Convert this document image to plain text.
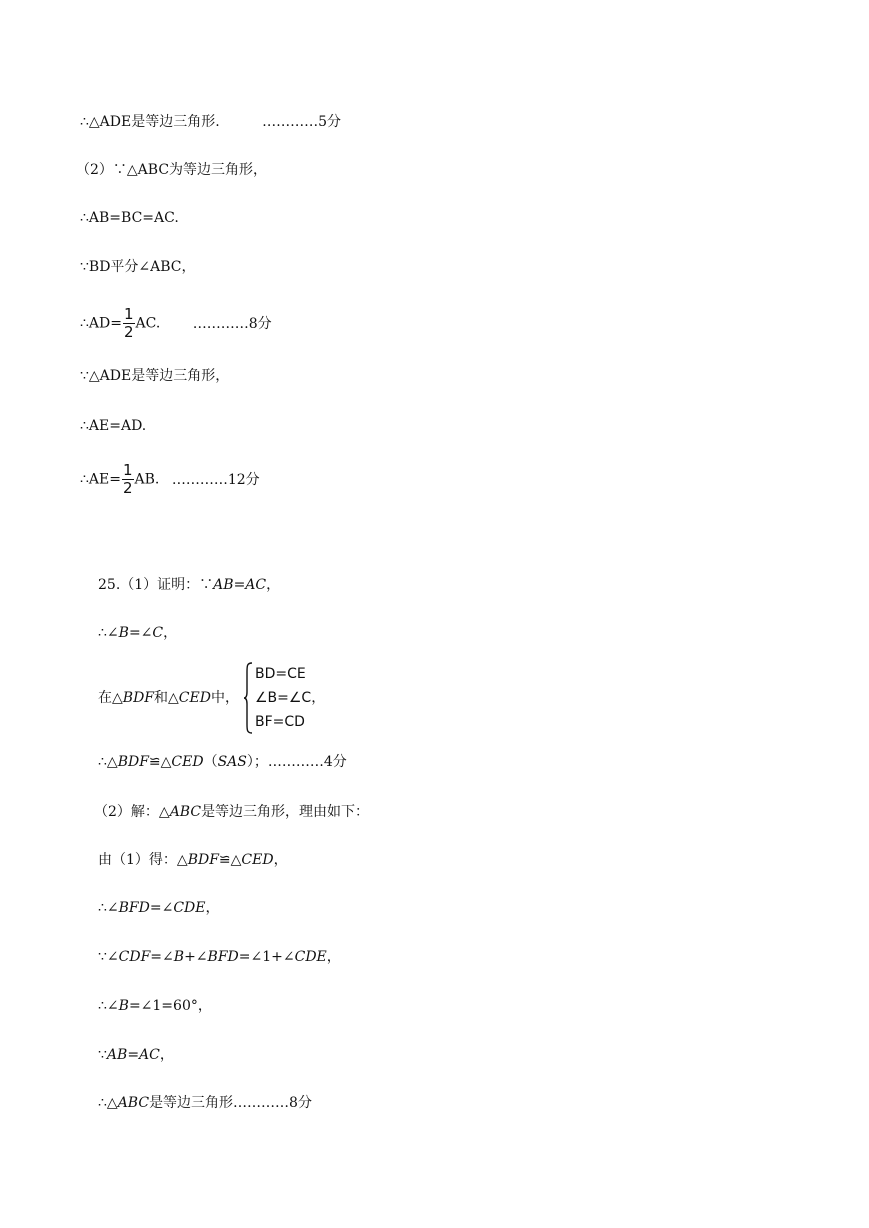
∴△ADE是等边三角形.	…………5分
（2）∵△ABC为等边三角形，
∴AB=BC=AC.
∵BD平分∠ABC，
∴AD= $\frac{1}{2}$ AC. …………8分
∵△ADE是等边三角形，
∴AE=AD.
∴AE= $\frac{1}{2}$ AB. …………12分
25.（1）证明：∵AB=AC，
∴∠B=∠C，
在△BDF和△CED中，
BD=CE
∠B=∠C，
BF=CD
∴△BDF≌△CED（SAS）；…………4分
（2）解：△ABC是等边三角形，理由如下：
由（1）得：△BDF≌△CED，
∴∠BFD=∠CDE，
∵∠CDF=∠B+∠BFD=∠1+∠CDE，
∴∠B=∠1=60°，
∵AB=AC，
∴△ABC是等边三角形…………8分
